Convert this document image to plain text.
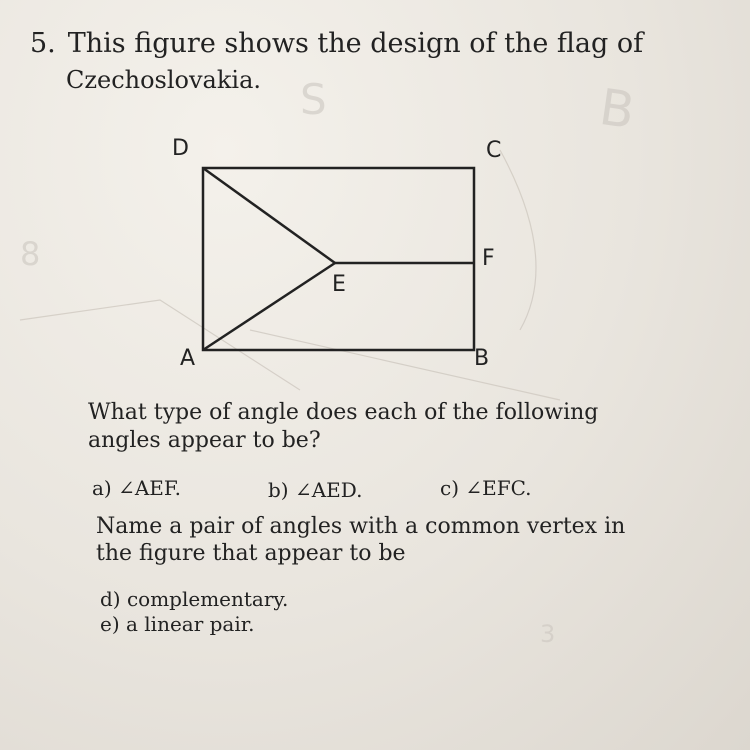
B
S
8
3
5. This figure shows the design of the flag of
Czechoslovakia.
D	C
A	B
E
F
What type of angle does each of the following
angles appear to be?
a) ∠AEF.	b) ∠AED.	c) ∠EFC.
Name a pair of angles with a common vertex in
the figure that appear to be
d) complementary.
e) a linear pair.
